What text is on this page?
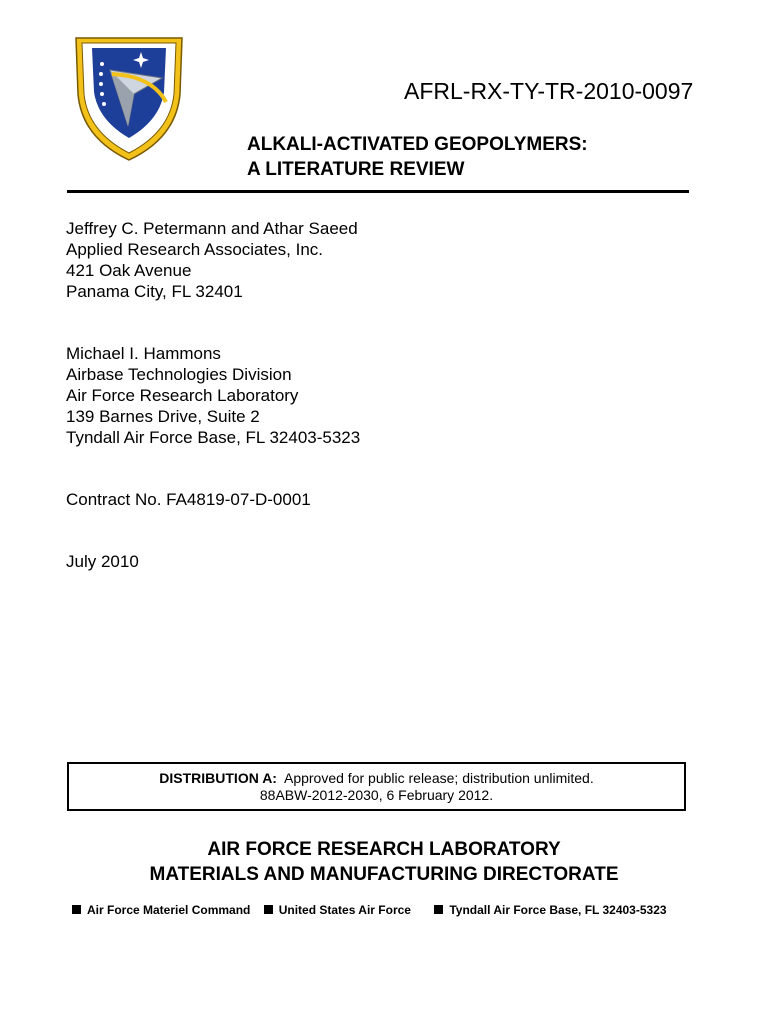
AFRL-RX-TY-TR-2010-0097
ALKALI-ACTIVATED GEOPOLYMERS:
A LITERATURE REVIEW
Jeffrey C. Petermann and Athar Saeed
Applied Research Associates, Inc.
421 Oak Avenue
Panama City, FL 32401
Michael I. Hammons
Airbase Technologies Division
Air Force Research Laboratory
139 Barnes Drive, Suite 2
Tyndall Air Force Base, FL 32403-5323
Contract No. FA4819-07-D-0001
July 2010
DISTRIBUTION A: Approved for public release; distribution unlimited.
88ABW-2012-2030, 6 February 2012.
AIR FORCE RESEARCH LABORATORY
MATERIALS AND MANUFACTURING DIRECTORATE
Air Force Materiel Command United States Air Force	Tyndall Air Force Base, FL 32403-5323
